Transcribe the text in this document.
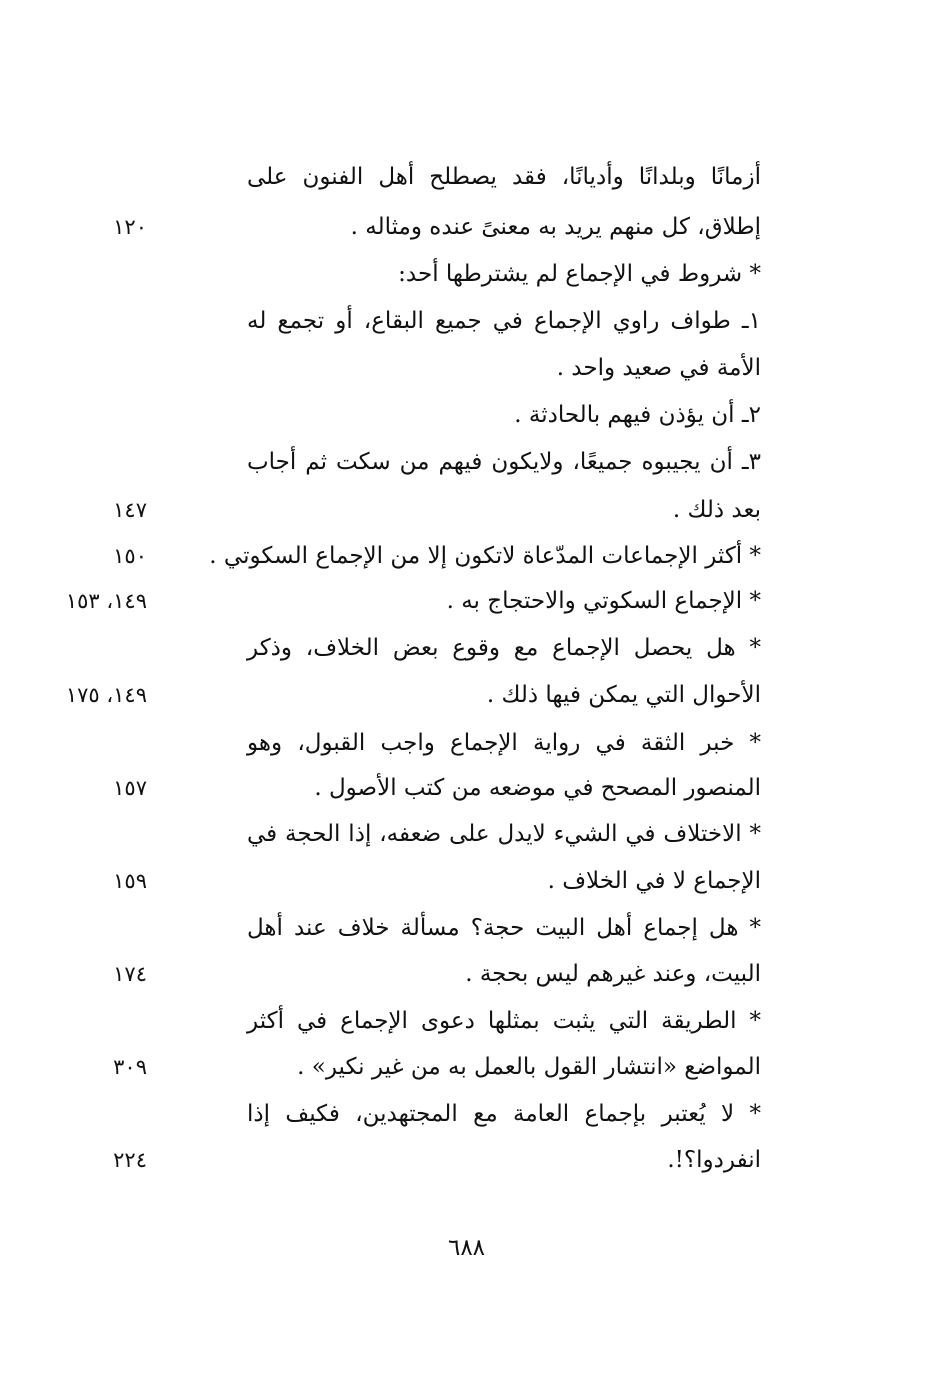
أزمانًا وبلدانًا وأديانًا، فقد يصطلح أهل الفنون على
إطلاق، كل منهم يريد به معنىً عنده ومثاله .
١٢٠
* شروط في الإجماع لم يشترطها أحد:
١ـ طواف راوي الإجماع في جميع البقاع، أو تجمع له
الأمة في صعيد واحد .
٢ـ أن يؤذن فيهم بالحادثة .
٣ـ أن يجيبوه جميعًا، ولايكون فيهم من سكت ثم أجاب
بعد ذلك .
١٤٧
* أكثر الإجماعات المدّعاة لاتكون إلا من الإجماع السكوتي .
١٥٠
* الإجماع السكوتي والاحتجاج به .
١٤٩، ١٥٣
* هل يحصل الإجماع مع وقوع بعض الخلاف، وذكر
الأحوال التي يمكن فيها ذلك .
١٤٩، ١٧٥
* خبر الثقة في رواية الإجماع واجب القبول، وهو
المنصور المصحح في موضعه من كتب الأصول .
١٥٧
* الاختلاف في الشيء لايدل على ضعفه، إذا الحجة في
الإجماع لا في الخلاف .
١٥٩
* هل إجماع أهل البيت حجة؟ مسألة خلاف عند أهل
البيت، وعند غيرهم ليس بحجة .
١٧٤
* الطريقة التي يثبت بمثلها دعوى الإجماع في أكثر
المواضع «انتشار القول بالعمل به من غير نكير» .
٣٠٩
* لا يُعتبر بإجماع العامة مع المجتهدين، فكيف إذا
انفردوا؟!.
٢٢٤
٦٨٨
